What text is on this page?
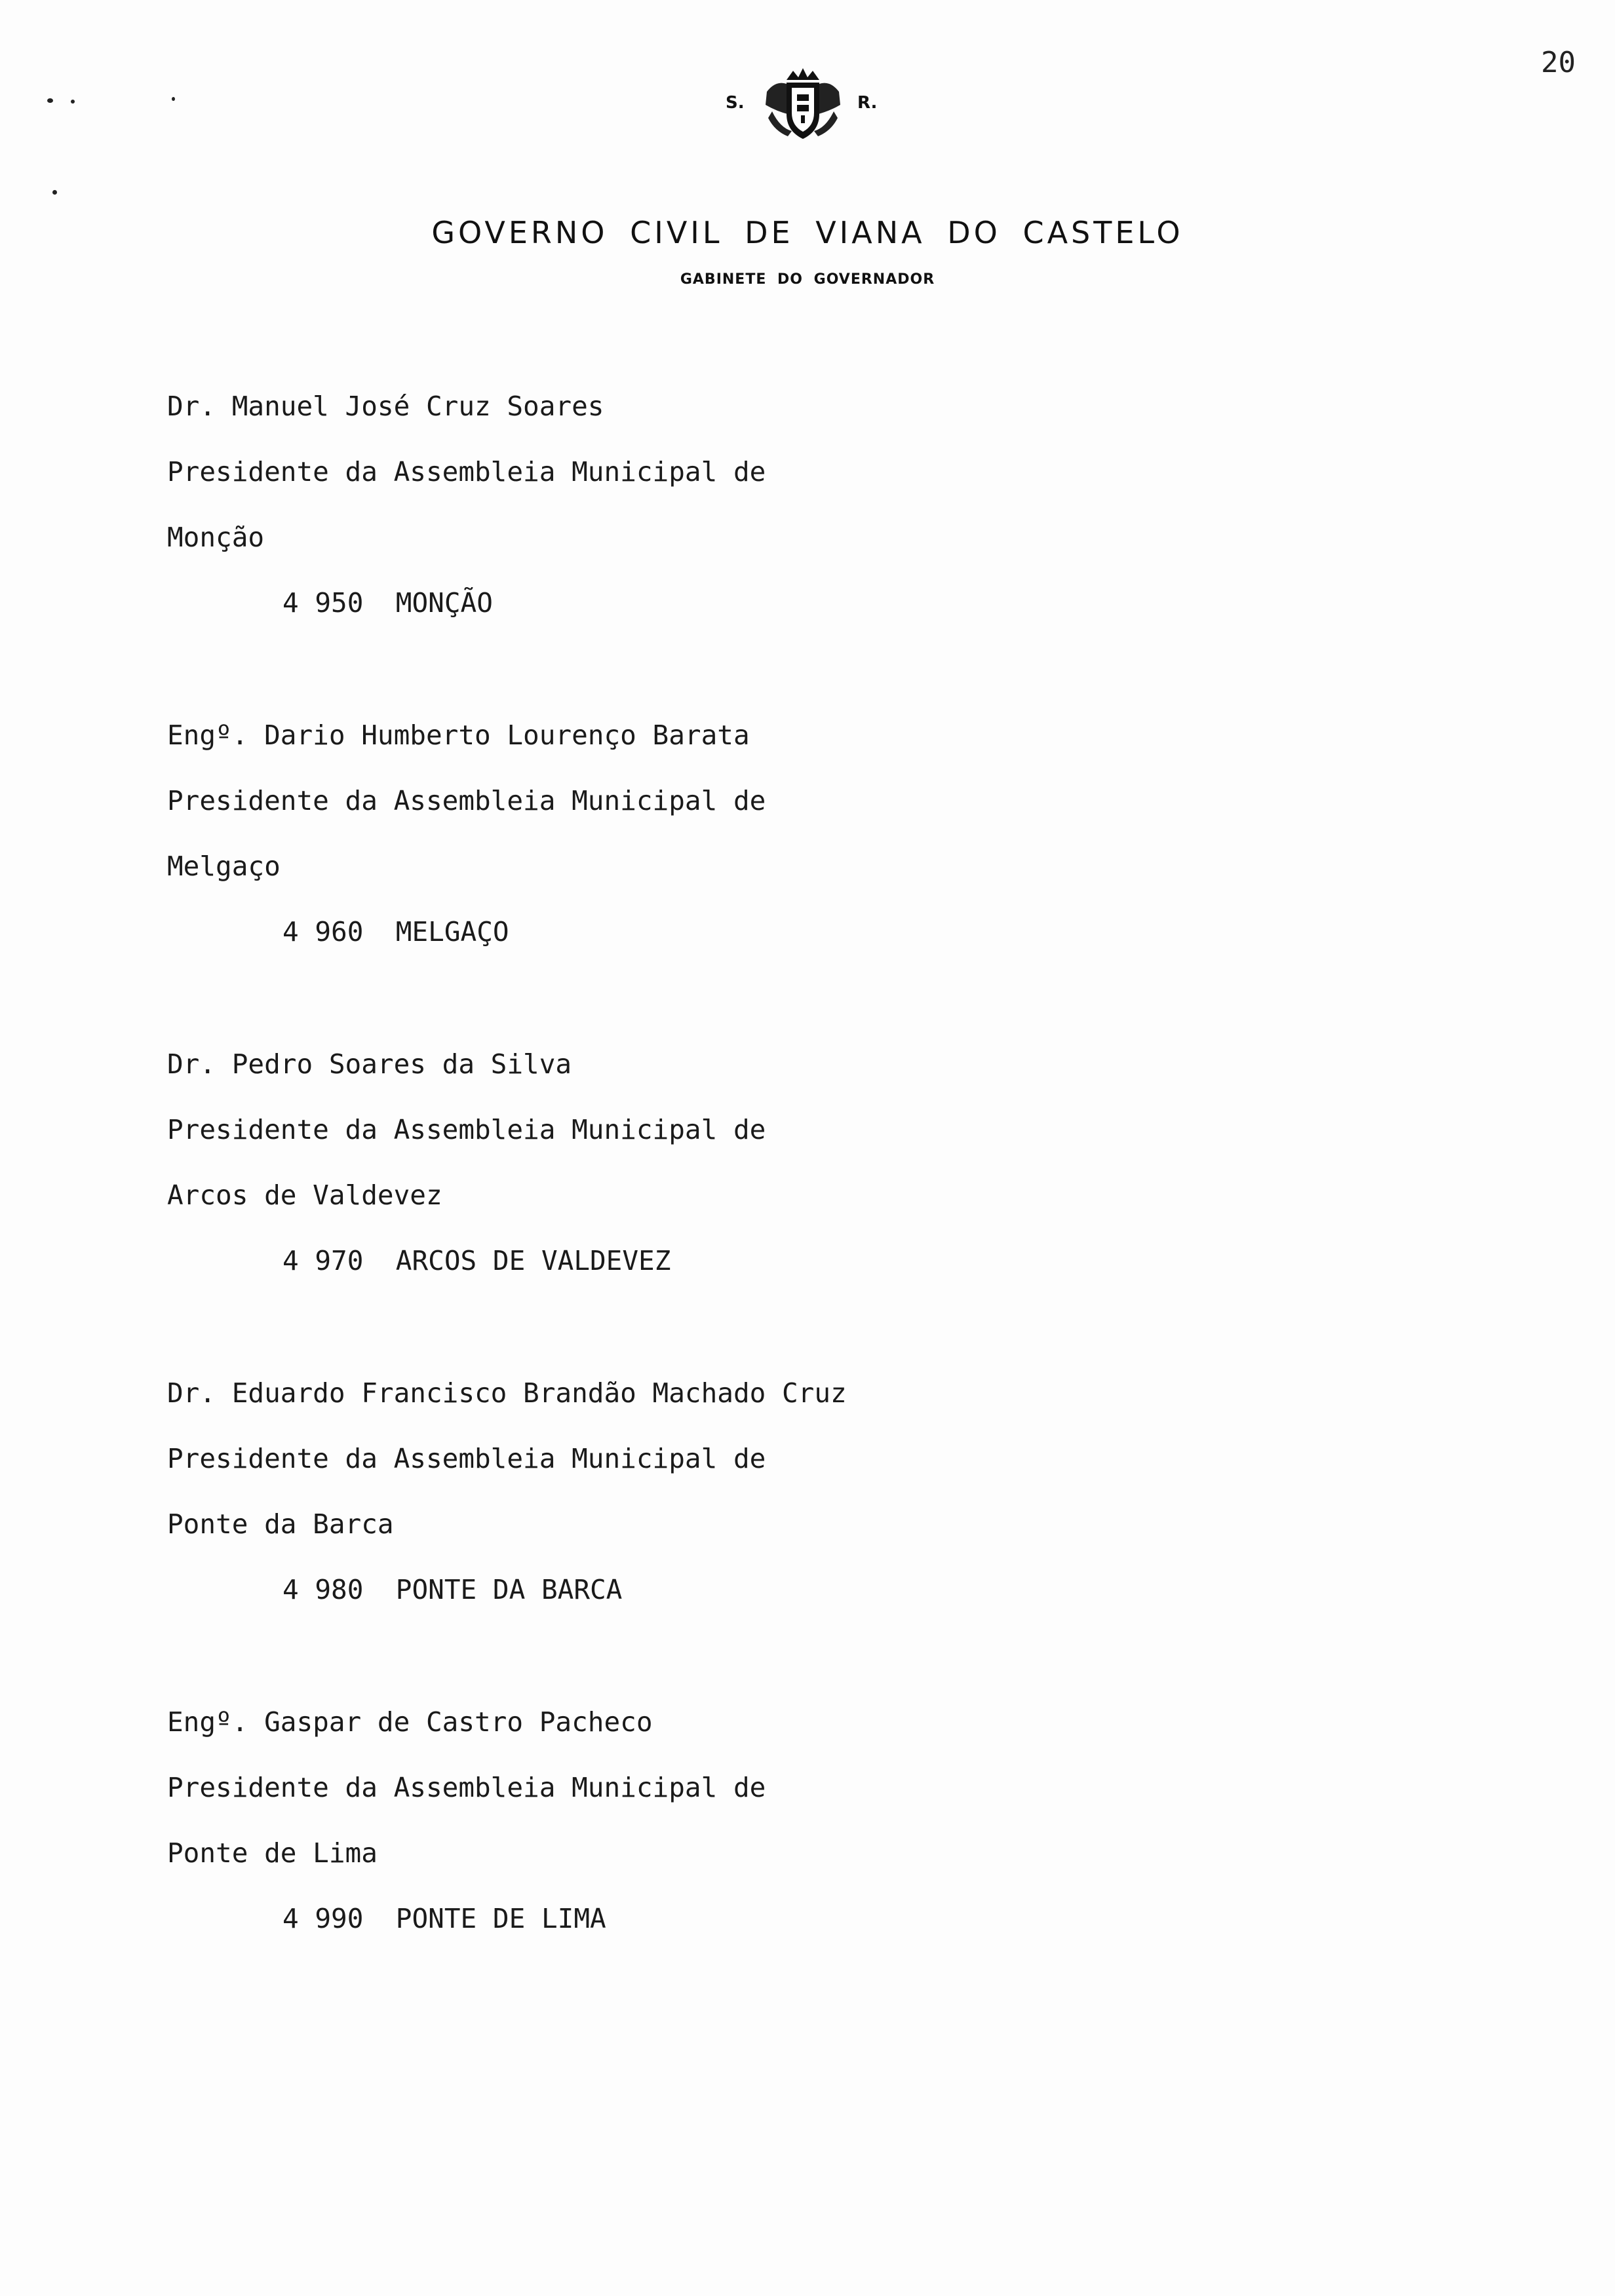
20
S.	R.
GOVERNO CIVIL DE VIANA DO CASTELO
GABINETE DO GOVERNADOR
Dr. Manuel José Cruz Soares
Presidente da Assembleia Municipal de
Monção
4 950  MONÇÃO
Engº. Dario Humberto Lourenço Barata
Presidente da Assembleia Municipal de
Melgaço
4 960  MELGAÇO
Dr. Pedro Soares da Silva
Presidente da Assembleia Municipal de
Arcos de Valdevez
4 970  ARCOS DE VALDEVEZ
Dr. Eduardo Francisco Brandão Machado Cruz
Presidente da Assembleia Municipal de
Ponte da Barca
4 980  PONTE DA BARCA
Engº. Gaspar de Castro Pacheco
Presidente da Assembleia Municipal de
Ponte de Lima
4 990  PONTE DE LIMA
